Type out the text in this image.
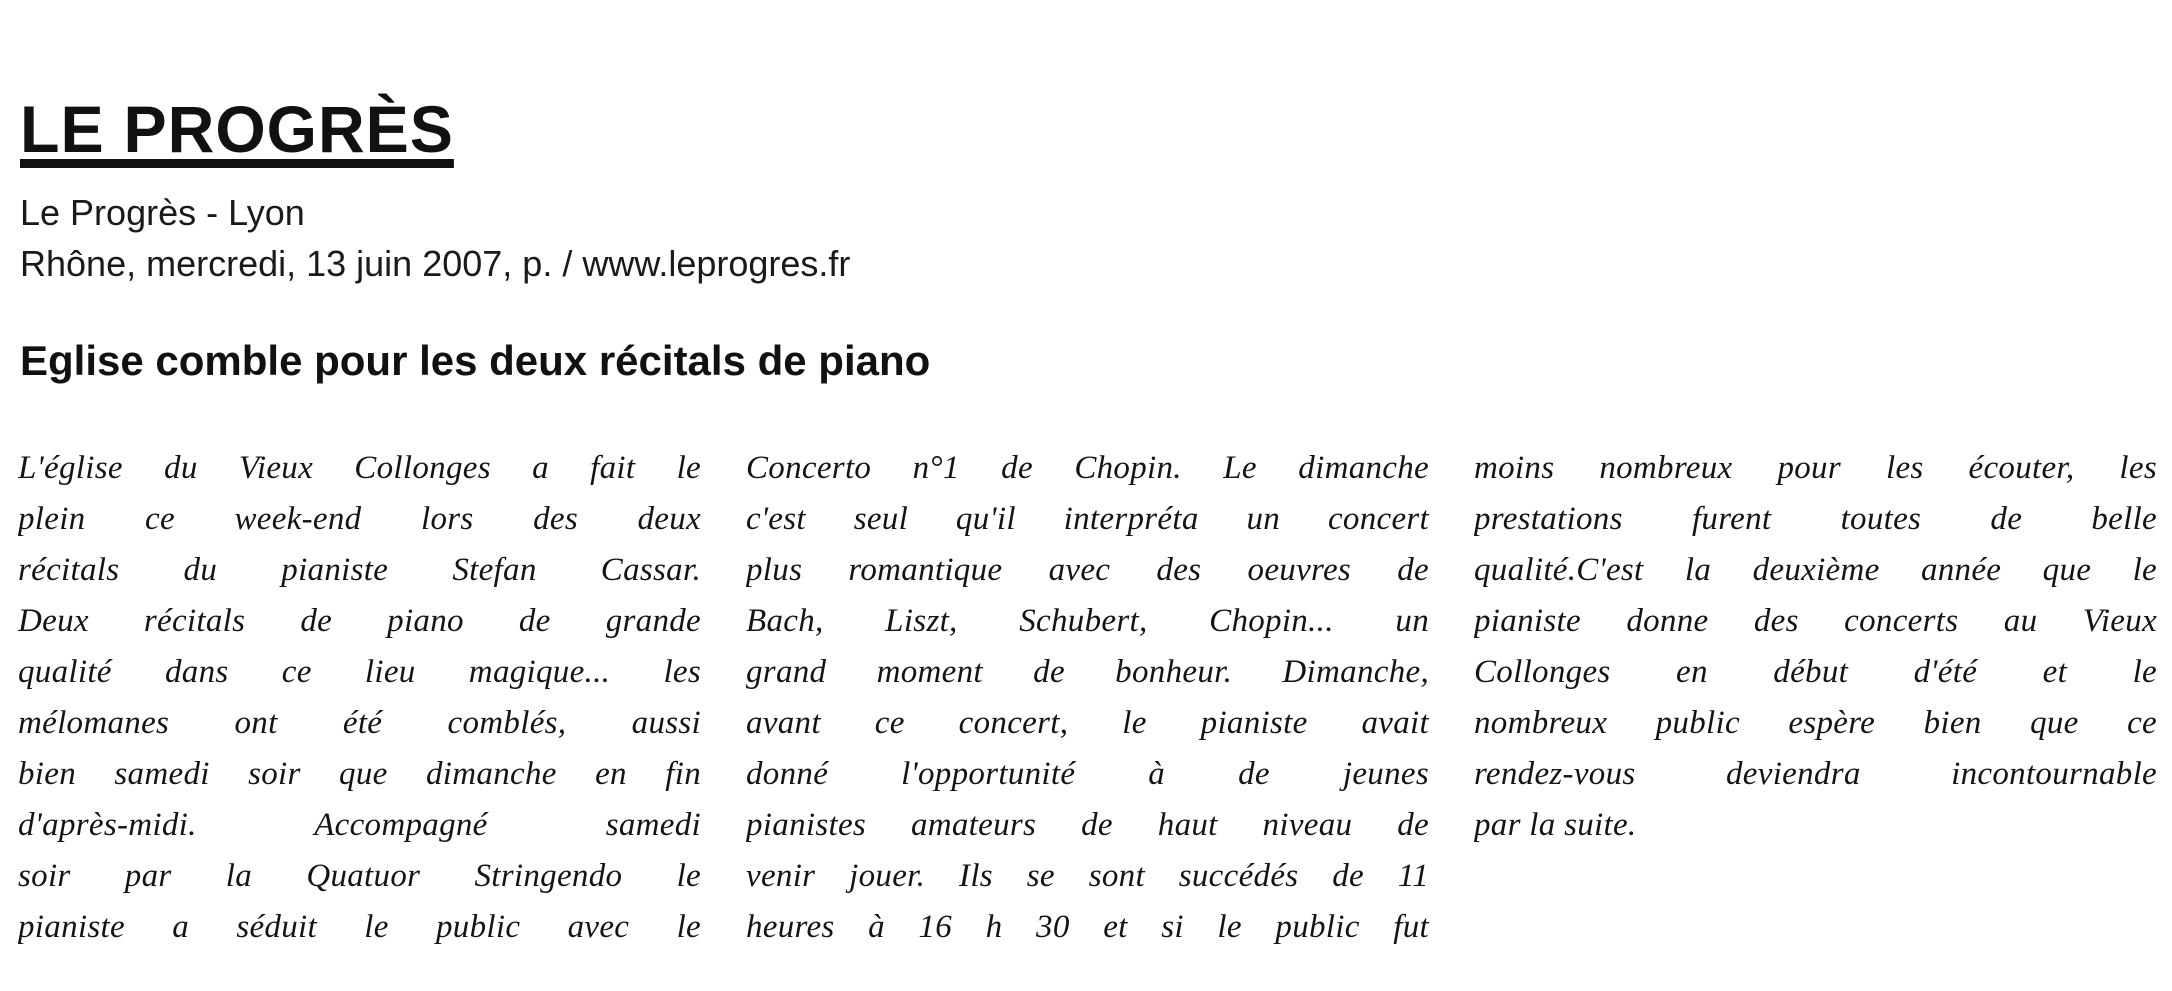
LE PROGRÈS
Le Progrès - Lyon
Rhône, mercredi, 13 juin 2007, p. / www.leprogres.fr
Eglise comble pour les deux récitals de piano
L'église du Vieux Collonges a fait le
plein ce week-end lors des deux
récitals du pianiste Stefan Cassar.
Deux récitals de piano de grande
qualité dans ce lieu magique... les
mélomanes ont été comblés, aussi
bien samedi soir que dimanche en fin
d'après-midi. Accompagné samedi
soir par la Quatuor Stringendo le
pianiste a séduit le public avec le
Concerto n°1 de Chopin. Le dimanche
c'est seul qu'il interpréta un concert
plus romantique avec des oeuvres de
Bach, Liszt, Schubert, Chopin... un
grand moment de bonheur. Dimanche,
avant ce concert, le pianiste avait
donné l'opportunité à de jeunes
pianistes amateurs de haut niveau de
venir jouer. Ils se sont succédés de 11
heures à 16 h 30 et si le public fut
moins nombreux pour les écouter, les
prestations furent toutes de belle
qualité.C'est la deuxième année que le
pianiste donne des concerts au Vieux
Collonges en début d'été et le
nombreux public espère bien que ce
rendez-vous deviendra incontournable
par la suite.
